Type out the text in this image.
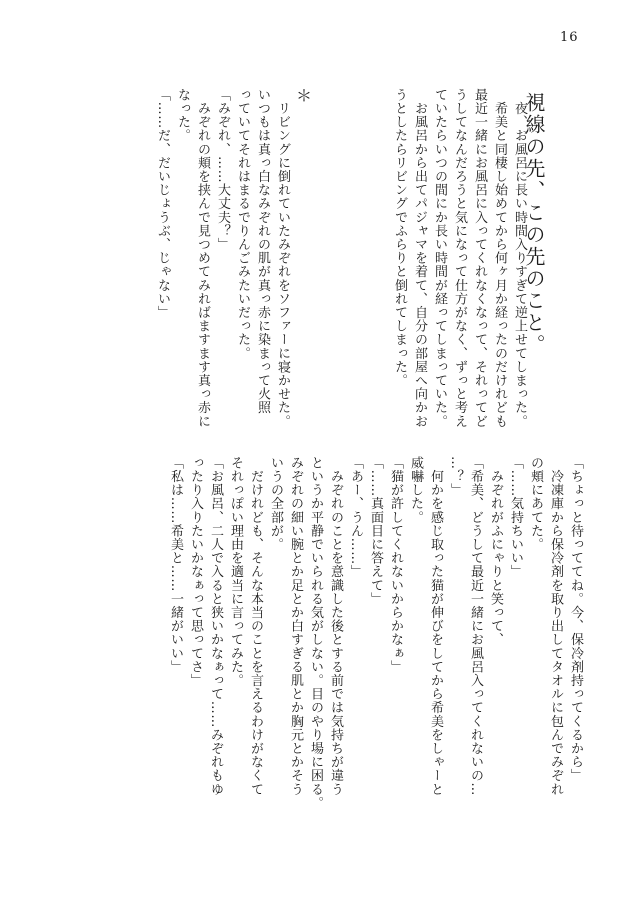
16
視線の先、この先のこと。
　夜、お風呂に長い時間入りすぎて逆上せてしまった。
　希美と同棲し始めてから何ヶ月か経ったのだけれども
最近一緒にお風呂に入ってくれなくなって、それってど
うしてなんだろうと気になって仕方がなく、ずっと考え
ていたらいつの間にか長い時間が経ってしまっていた。
　お風呂から出てパジャマを着て、自分の部屋へ向かお
うとしたらリビングでふらりと倒れてしまった。
＊
　リビングに倒れていたみぞれをソファーに寝かせた。
いつもは真っ白なみぞれの肌が真っ赤に染まって火照
っていてそれはまるでりんごみたいだった。
「みぞれ、……大丈夫？」
　みぞれの頬を挟んで見つめてみればますます真っ赤に
なった。
「……だ、だいじょうぶ、じゃない」
「ちょっと待っててね。今、保冷剤持ってくるから」
　冷凍庫から保冷剤を取り出してタオルに包んでみぞれ
の頬にあてた。
「……気持ちいい」
　みぞれがふにゃりと笑って、
「希美、どうして最近一緒にお風呂入ってくれないの…
…？」
　何かを感じ取った猫が伸びをしてから希美をしゃーと
威嚇した。
「猫が許してくれないからかなぁ」
「……真面目に答えて」
「あー、うん……」
　みぞれのことを意識した後とする前では気持ちが違う
というか平静でいられる気がしない。目のやり場に困る。
みぞれの細い腕とか足とか白すぎる肌とか胸元とかそう
いうの全部が。
　だけれども、そんな本当のことを言えるわけがなくて
それっぽい理由を適当に言ってみた。
「お風呂、二人で入ると狭いかなぁって……みぞれもゆ
ったり入りたいかなぁって思ってさ」
「私は……希美と……一緒がいい」
